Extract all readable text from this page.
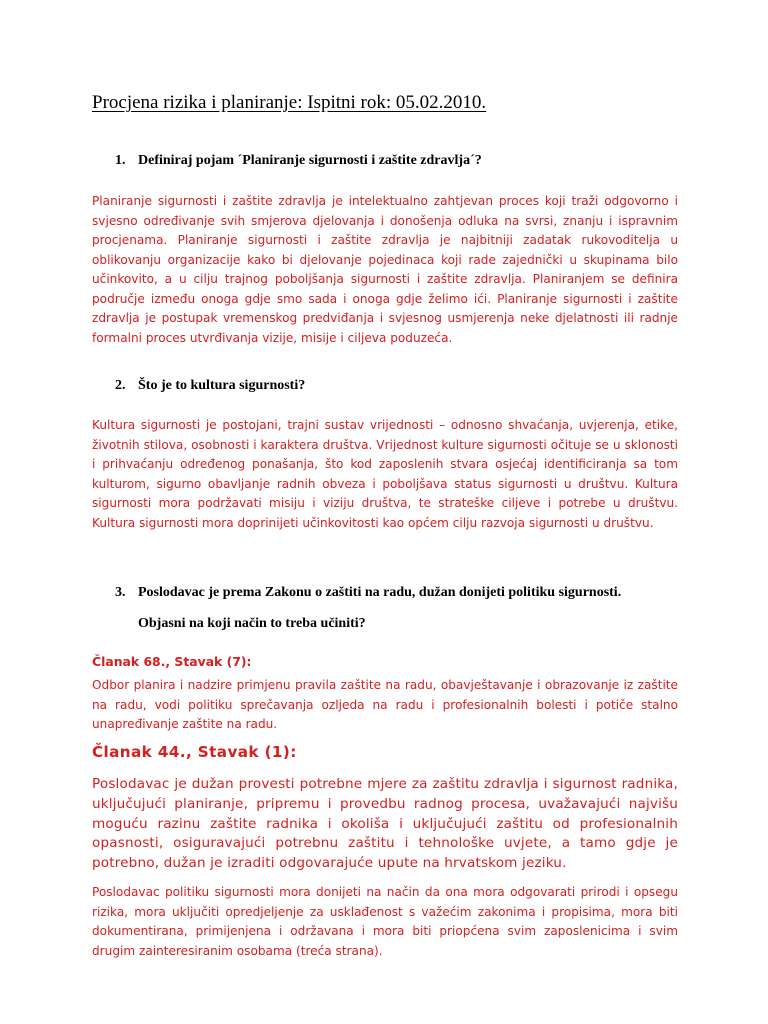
Procjena rizika i planiranje: Ispitni rok: 05.02.2010.

1. Definiraj pojam ´Planiranje sigurnosti i zaštite zdravlja´?

Planiranje sigurnosti i zaštite zdravlja je intelektualno zahtjevan proces koji traži odgovorno i svjesno određivanje svih smjerova djelovanja i donošenja odluka na svrsi, znanju i ispravnim procjenama. Planiranje sigurnosti i zaštite zdravlja je najbitniji zadatak rukovoditelja u oblikovanju organizacije kako bi djelovanje pojedinaca koji rade zajednički u skupinama bilo učinkovito, a u cilju trajnog poboljšanja sigurnosti i zaštite zdravlja. Planiranjem se definira područje između onoga gdje smo sada i onoga gdje želimo ići. Planiranje sigurnosti i zaštite zdravlja je postupak vremenskog predviđanja i svjesnog usmjerenja neke djelatnosti ili radnje formalni proces utvrđivanja vizije, misije i ciljeva poduzeća.

2. Što je to kultura sigurnosti?

Kultura sigurnosti je postojani, trajni sustav vrijednosti – odnosno shvaćanja, uvjerenja, etike, životnih stilova, osobnosti i karaktera društva. Vrijednost kulture sigurnosti očituje se u sklonosti i prihvaćanju određenog ponašanja, što kod zaposlenih stvara osjećaj identificiranja sa tom kulturom, sigurno obavljanje radnih obveza i poboljšava status sigurnosti u društvu. Kultura sigurnosti mora podržavati misiju i viziju društva, te strateške ciljeve i potrebe u društvu. Kultura sigurnosti mora doprinijeti učinkovitosti kao općem cilju razvoja sigurnosti u društvu.

3. Poslodavac je prema Zakonu o zaštiti na radu, dužan donijeti politiku sigurnosti.
Objasni na koji način to treba učiniti?

Članak 68., Stavak (7):

Odbor planira i nadzire primjenu pravila zaštite na radu, obavještavanje i obrazovanje iz zaštite na radu, vodi politiku sprečavanja ozljeda na radu i profesionalnih bolesti i potiče stalno unapređivanje zaštite na radu.

Članak 44., Stavak (1):

Poslodavac je dužan provesti potrebne mjere za zaštitu zdravlja i sigurnost radnika, uključujući planiranje, pripremu i provedbu radnog procesa, uvažavajući najvišu moguću razinu zaštite radnika i okoliša i uključujući zaštitu od profesionalnih opasnosti, osiguravajući potrebnu zaštitu i tehnološke uvjete, a tamo gdje je potrebno, dužan je izraditi odgovarajuće upute na hrvatskom jeziku.

Poslodavac politiku sigurnosti mora donijeti na način da ona mora odgovarati prirodi i opsegu rizika, mora uključiti opredjeljenje za usklađenost s važećim zakonima i propisima, mora biti dokumentirana, primijenjena i održavana i mora biti priopćena svim zaposlenicima i svim drugim zainteresiranim osobama (treća strana).
